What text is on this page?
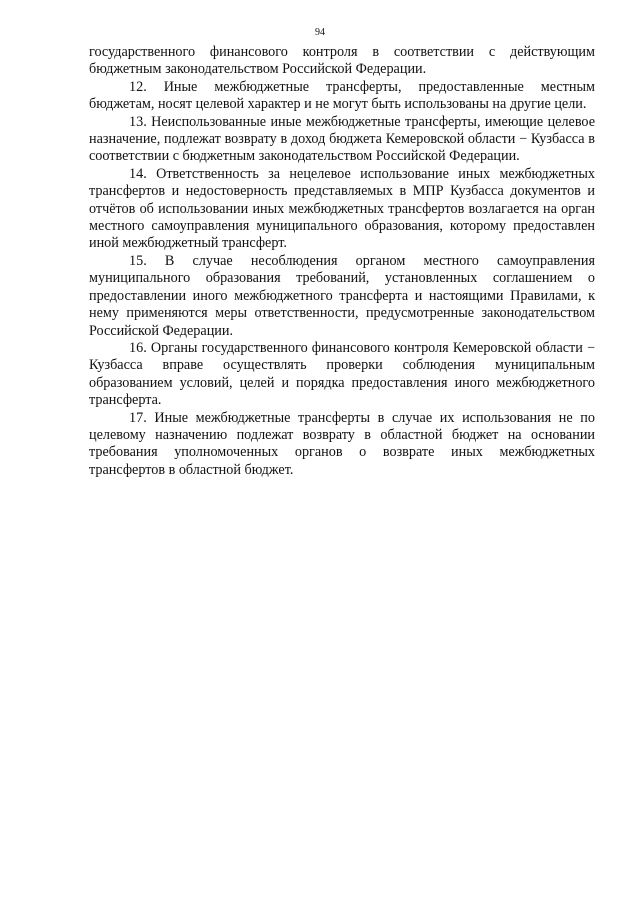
94

государственного финансового контроля в соответствии с действующим бюджетным законодательством Российской Федерации.

12. Иные межбюджетные трансферты, предоставленные местным бюджетам, носят целевой характер и не могут быть использованы на другие цели.

13. Неиспользованные иные межбюджетные трансферты, имеющие целевое назначение, подлежат возврату в доход бюджета Кемеровской области − Кузбасса в соответствии с бюджетным законодательством Российской Федерации.

14. Ответственность за нецелевое использование иных межбюджетных трансфертов и недостоверность представляемых в МПР Кузбасса документов и отчётов об использовании иных межбюджетных трансфертов возлагается на орган местного самоуправления муниципального образования, которому предоставлен иной межбюджетный трансферт.

15. В случае несоблюдения органом местного самоуправления муниципального образования требований, установленных соглашением о предоставлении иного межбюджетного трансферта и настоящими Правилами, к нему применяются меры ответственности, предусмотренные законодательством Российской Федерации.

16. Органы государственного финансового контроля Кемеровской области − Кузбасса вправе осуществлять проверки соблюдения муниципальным образованием условий, целей и порядка предоставления иного межбюджетного трансферта.

17. Иные межбюджетные трансферты в случае их использования не по целевому назначению подлежат возврату в областной бюджет на основании требования уполномоченных органов о возврате иных межбюджетных трансфертов в областной бюджет.
